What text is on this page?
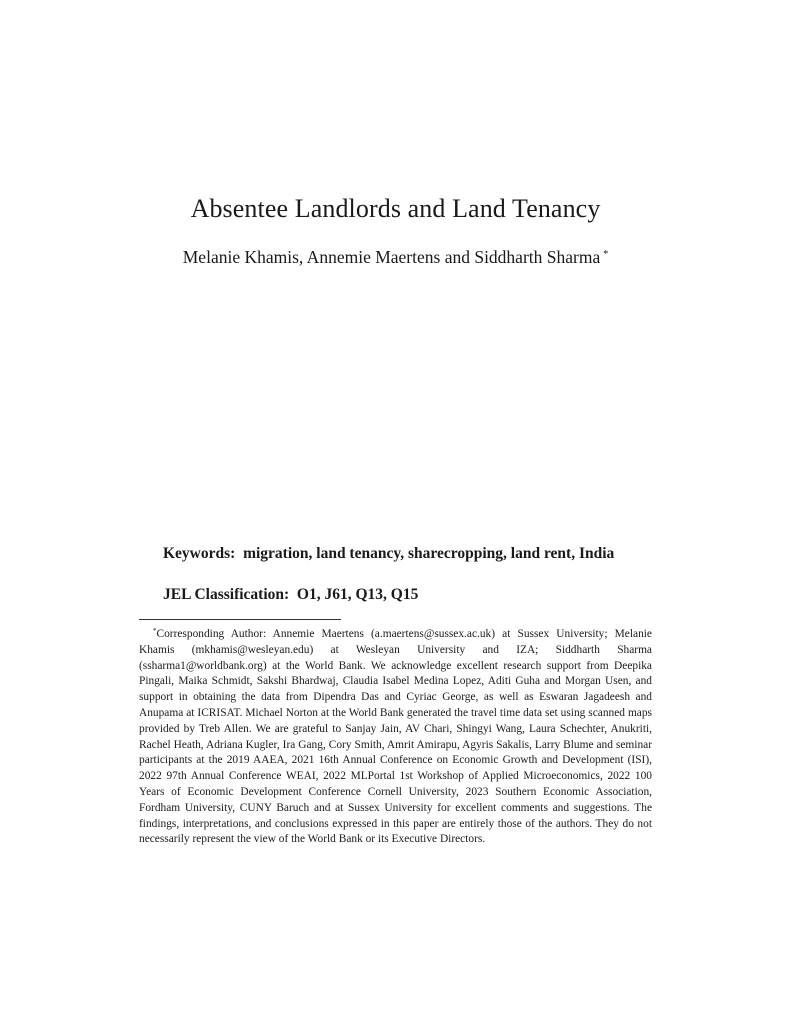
Absentee Landlords and Land Tenancy

Melanie Khamis, Annemie Maertens and Siddharth Sharma *

Keywords: migration, land tenancy, sharecropping, land rent, India

JEL Classification: O1, J61, Q13, Q15

*Corresponding Author: Annemie Maertens (a.maertens@sussex.ac.uk) at Sussex University; Melanie Khamis (mkhamis@wesleyan.edu) at Wesleyan University and IZA; Siddharth Sharma (ssharma1@worldbank.org) at the World Bank. We acknowledge excellent research support from Deepika Pingali, Maika Schmidt, Sakshi Bhardwaj, Claudia Isabel Medina Lopez, Aditi Guha and Morgan Usen, and support in obtaining the data from Dipendra Das and Cyriac George, as well as Eswaran Jagadeesh and Anupama at ICRISAT. Michael Norton at the World Bank generated the travel time data set using scanned maps provided by Treb Allen. We are grateful to Sanjay Jain, AV Chari, Shingyi Wang, Laura Schechter, Anukriti, Rachel Heath, Adriana Kugler, Ira Gang, Cory Smith, Amrit Amirapu, Agyris Sakalis, Larry Blume and seminar participants at the 2019 AAEA, 2021 16th Annual Conference on Economic Growth and Development (ISI), 2022 97th Annual Conference WEAI, 2022 MLPortal 1st Workshop of Applied Microeconomics, 2022 100 Years of Economic Development Conference Cornell University, 2023 Southern Economic Association, Fordham University, CUNY Baruch and at Sussex University for excellent comments and suggestions. The findings, interpretations, and conclusions expressed in this paper are entirely those of the authors. They do not necessarily represent the view of the World Bank or its Executive Directors.
